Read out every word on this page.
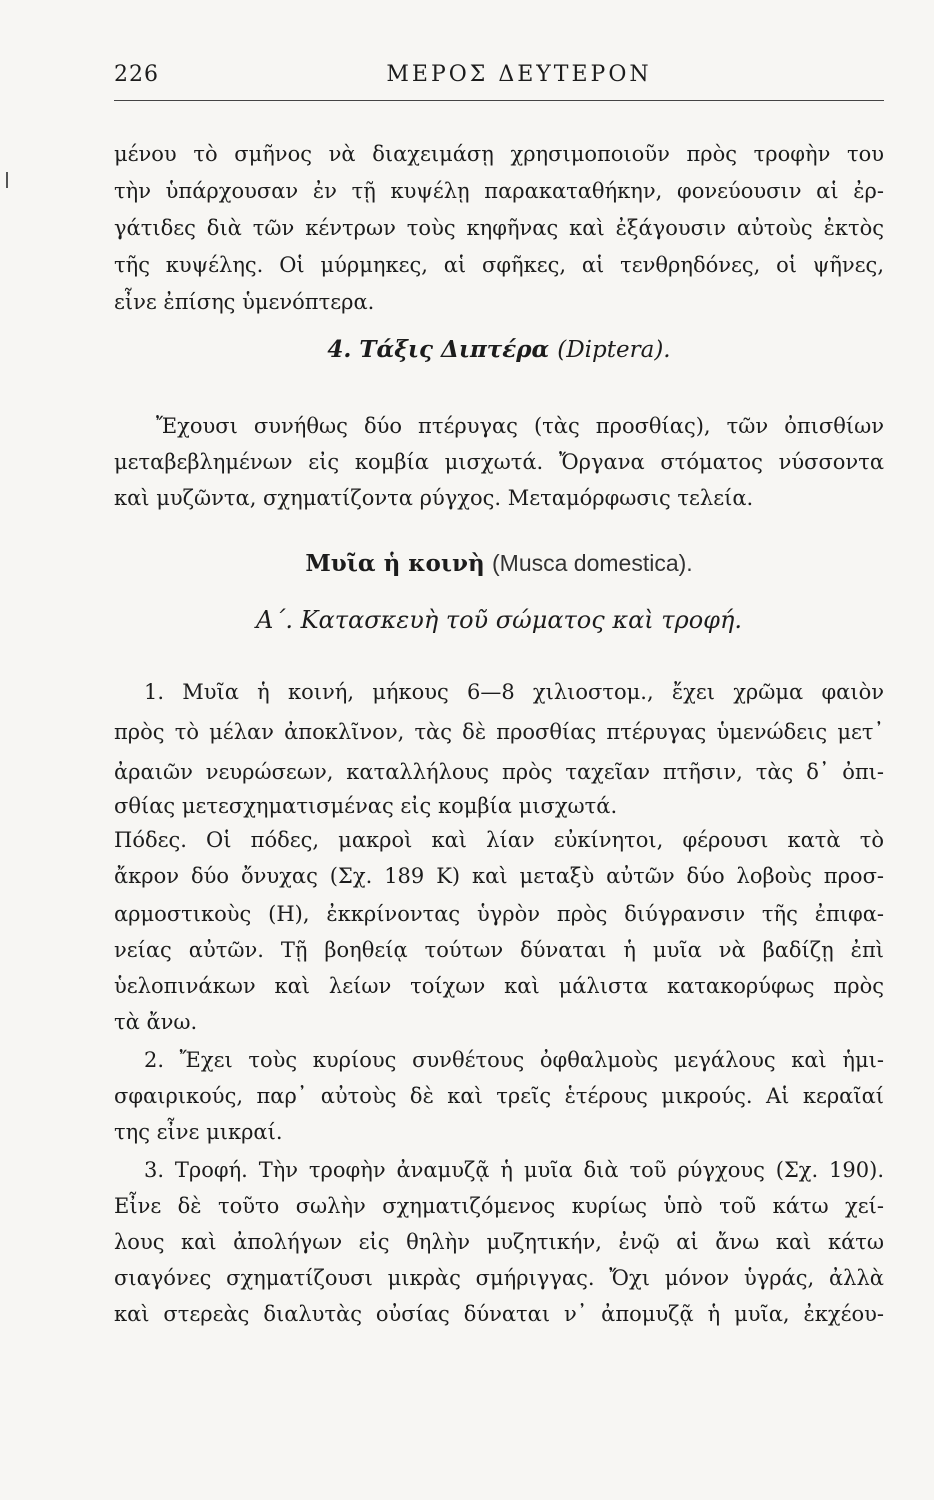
226	ΜΕΡΟΣ ΔΕΥΤΕΡΟΝ
μένου τὸ σμῆνος νὰ διαχειμάσῃ χρησιμοποιοῦν πρὸς τροφὴν του
τὴν ὑπάρχουσαν ἐν τῇ κυψέλῃ παρακαταθήκην, φονεύουσιν αἱ ἐρ-
γάτιδες διὰ τῶν κέντρων τοὺς κηφῆνας καὶ ἐξάγουσιν αὐτοὺς ἐκτὸς
τῆς κυψέλης. Οἱ μύρμηκες, αἱ σφῆκες, αἱ τενθρηδόνες, οἱ ψῆνες,
εἶνε ἐπίσης ὑμενόπτερα.
4. Τάξις Διπτέρα (Diptera).
Ἔχουσι συνήθως δύο πτέρυγας (τὰς προσθίας), τῶν ὀπισθίων
μεταβεβλημένων εἰς κομβία μισχωτά. Ὄργανα στόματος νύσσοντα
καὶ μυζῶντα, σχηματίζοντα ρύγχος. Μεταμόρφωσις τελεία.
Μυῖα ἡ κοινὴ (Musca domestica).
Α΄. Κατασκευὴ τοῦ σώματος καὶ τροφή.
1. Μυῖα ἡ κοινή, μήκους 6—8 χιλιοστομ., ἔχει χρῶμα φαιὸν
πρὸς τὸ μέλαν ἀποκλῖνον, τὰς δὲ προσθίας πτέρυγας ὑμενώδεις μετ᾽
ἀραιῶν νευρώσεων, καταλλήλους πρὸς ταχεῖαν πτῆσιν, τὰς δ᾽ ὀπι-
σθίας μετεσχηματισμένας εἰς κομβία μισχωτά.
Πόδες. Οἱ πόδες, μακροὶ καὶ λίαν εὐκίνητοι, φέρουσι κατὰ τὸ
ἄκρον δύο ὄνυχας (Σχ. 189 Κ) καὶ μεταξὺ αὐτῶν δύο λοβοὺς προσ-
αρμοστικοὺς (Η), ἐκκρίνοντας ὑγρὸν πρὸς διύγρανσιν τῆς ἐπιφα-
νείας αὐτῶν. Τῇ βοηθείᾳ τούτων δύναται ἡ μυῖα νὰ βαδίζῃ ἐπὶ
ὑελοπινάκων καὶ λείων τοίχων καὶ μάλιστα κατακορύφως πρὸς
τὰ ἄνω.
2. Ἔχει τοὺς κυρίους συνθέτους ὀφθαλμοὺς μεγάλους καὶ ἡμι-
σφαιρικούς, παρ᾽ αὐτοὺς δὲ καὶ τρεῖς ἑτέρους μικρούς. Αἱ κεραῖαί
της εἶνε μικραί.
3. Τροφή. Τὴν τροφὴν ἀναμυζᾷ ἡ μυῖα διὰ τοῦ ρύγχους (Σχ. 190).
Εἶνε δὲ τοῦτο σωλὴν σχηματιζόμενος κυρίως ὑπὸ τοῦ κάτω χεί-
λους καὶ ἀπολήγων εἰς θηλὴν μυζητικήν, ἐνῷ αἱ ἄνω καὶ κάτω
σιαγόνες σχηματίζουσι μικρὰς σμήριγγας. Ὄχι μόνον ὑγράς, ἀλλὰ
καὶ στερεὰς διαλυτὰς οὐσίας δύναται ν᾽ ἀπομυζᾷ ἡ μυῖα, ἐκχέου-
